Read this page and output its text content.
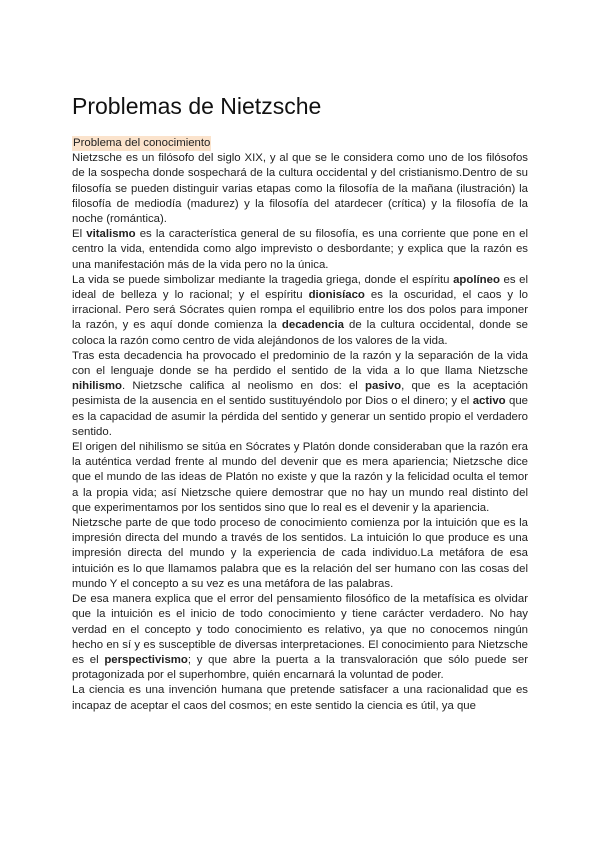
Problemas de Nietzsche
Problema del conocimiento

Nietzsche es un filósofo del siglo XIX, y al que se le considera como uno de los filósofos de la sospecha donde sospechará de la cultura occidental y del cristianismo.Dentro de su filosofía se pueden distinguir varias etapas como la filosofía de la mañana (ilustración) la filosofía de mediodía (madurez) y la filosofía del atardecer (crítica) y la filosofía de la noche (romántica).

El vitalismo es la característica general de su filosofía, es una corriente que pone en el centro la vida, entendida como algo imprevisto o desbordante; y explica que la razón es una manifestación más de la vida pero no la única.

La vida se puede simbolizar mediante la tragedia griega, donde el espíritu apolíneo es el ideal de belleza y lo racional; y el espíritu dionisíaco es la oscuridad, el caos y lo irracional. Pero será Sócrates quien rompa el equilibrio entre los dos polos para imponer la razón, y es aquí donde comienza la decadencia de la cultura occidental, donde se coloca la razón como centro de vida alejándonos de los valores de la vida.

Tras esta decadencia ha provocado el predominio de la razón y la separación de la vida con el lenguaje donde se ha perdido el sentido de la vida a lo que llama Nietzsche nihilismo. Nietzsche califica al neolismo en dos: el pasivo, que es la aceptación pesimista de la ausencia en el sentido sustituyéndolo por Dios o el dinero; y el activo que es la capacidad de asumir la pérdida del sentido y generar un sentido propio el verdadero sentido.

El origen del nihilismo se sitúa en Sócrates y Platón donde consideraban que la razón era la auténtica verdad frente al mundo del devenir que es mera apariencia; Nietzsche dice que el mundo de las ideas de Platón no existe y que la razón y la felicidad oculta el temor a la propia vida; así Nietzsche quiere demostrar que no hay un mundo real distinto del que experimentamos por los sentidos sino que lo real es el devenir y la apariencia.

Nietzsche parte de que todo proceso de conocimiento comienza por la intuición que es la impresión directa del mundo a través de los sentidos. La intuición lo que produce es una impresión directa del mundo y la experiencia de cada individuo.La metáfora de esa intuición es lo que llamamos palabra que es la relación del ser humano con las cosas del mundo Y el concepto a su vez es una metáfora de las palabras.

De esa manera explica que el error del pensamiento filosófico de la metafísica es olvidar que la intuición es el inicio de todo conocimiento y tiene carácter verdadero. No hay verdad en el concepto y todo conocimiento es relativo, ya que no conocemos ningún hecho en sí y es susceptible de diversas interpretaciones. El conocimiento para Nietzsche es el perspectivismo; y que abre la puerta a la transvaloración que sólo puede ser protagonizada por el superhombre, quién encarnará la voluntad de poder.

La ciencia es una invención humana que pretende satisfacer a una racionalidad que es incapaz de aceptar el caos del cosmos; en este sentido la ciencia es útil, ya que
